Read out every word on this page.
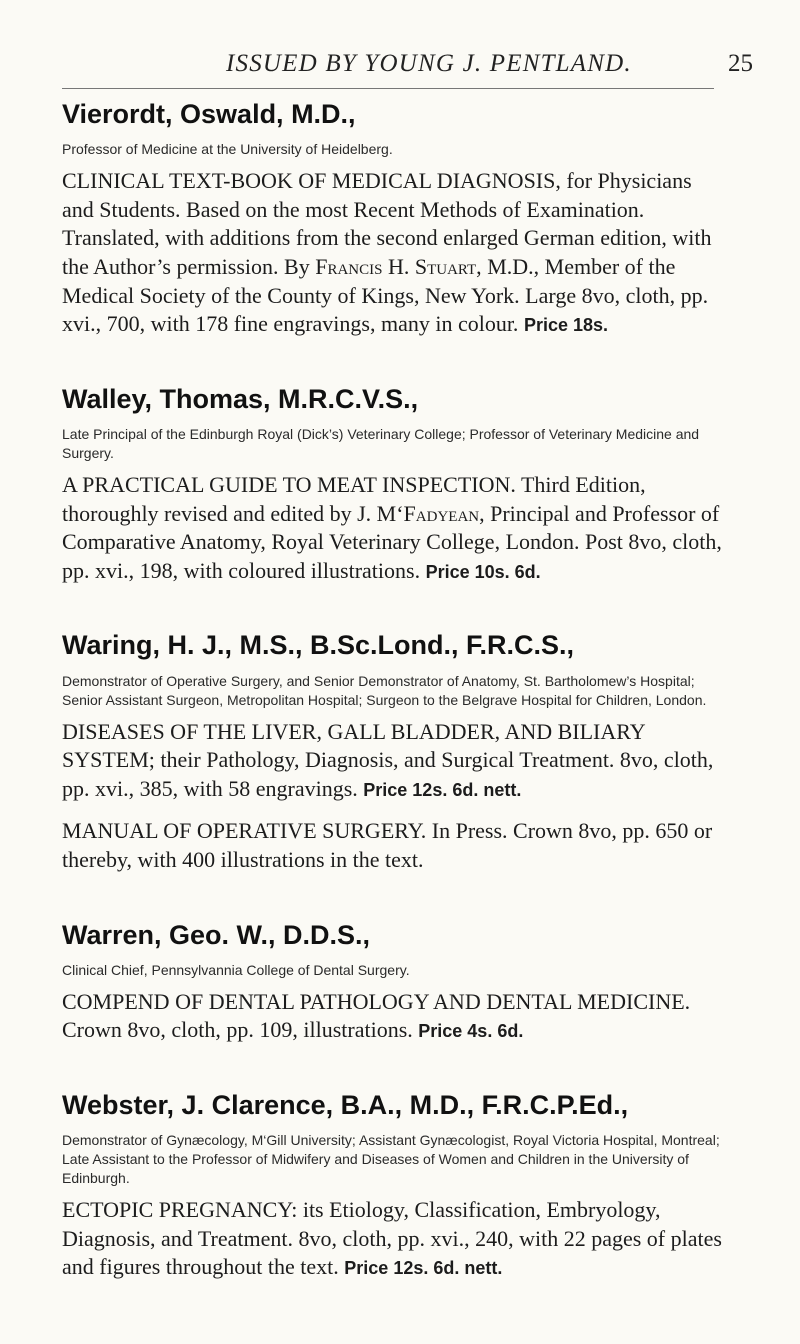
ISSUED BY YOUNG J. PENTLAND.	25
Vierordt, Oswald, M.D.,
Professor of Medicine at the University of Heidelberg.
CLINICAL TEXT-BOOK OF MEDICAL DIAGNOSIS, for Physicians and Students. Based on the most Recent Methods of Examination. Translated, with additions from the second enlarged German edition, with the Author’s permission. By Francis H. Stuart, M.D., Member of the Medical Society of the County of Kings, New York. Large 8vo, cloth, pp. xvi., 700, with 178 fine engravings, many in colour. Price 18s.
Walley, Thomas, M.R.C.V.S.,
Late Principal of the Edinburgh Royal (Dick’s) Veterinary College; Professor of Veterinary Medicine and Surgery.
A PRACTICAL GUIDE TO MEAT INSPECTION. Third Edition, thoroughly revised and edited by J. M‘Fadyean, Principal and Professor of Comparative Anatomy, Royal Veterinary College, London. Post 8vo, cloth, pp. xvi., 198, with coloured illustrations. Price 10s. 6d.
Waring, H. J., M.S., B.Sc.Lond., F.R.C.S.,
Demonstrator of Operative Surgery, and Senior Demonstrator of Anatomy, St. Bartholomew’s Hospital; Senior Assistant Surgeon, Metropolitan Hospital; Surgeon to the Belgrave Hospital for Children, London.
DISEASES OF THE LIVER, GALL BLADDER, AND BILIARY SYSTEM; their Pathology, Diagnosis, and Surgical Treatment. 8vo, cloth, pp. xvi., 385, with 58 engravings. Price 12s. 6d. nett.
MANUAL OF OPERATIVE SURGERY. In Press. Crown 8vo, pp. 650 or thereby, with 400 illustrations in the text.
Warren, Geo. W., D.D.S.,
Clinical Chief, Pennsylvannia College of Dental Surgery.
COMPEND OF DENTAL PATHOLOGY AND DENTAL MEDICINE. Crown 8vo, cloth, pp. 109, illustrations. Price 4s. 6d.
Webster, J. Clarence, B.A., M.D., F.R.C.P.Ed.,
Demonstrator of Gynæcology, M‘Gill University; Assistant Gynæcologist, Royal Victoria Hospital, Montreal; Late Assistant to the Professor of Midwifery and Diseases of Women and Children in the University of Edinburgh.
ECTOPIC PREGNANCY: its Etiology, Classification, Embryology, Diagnosis, and Treatment. 8vo, cloth, pp. xvi., 240, with 22 pages of plates and figures throughout the text. Price 12s. 6d. nett.
